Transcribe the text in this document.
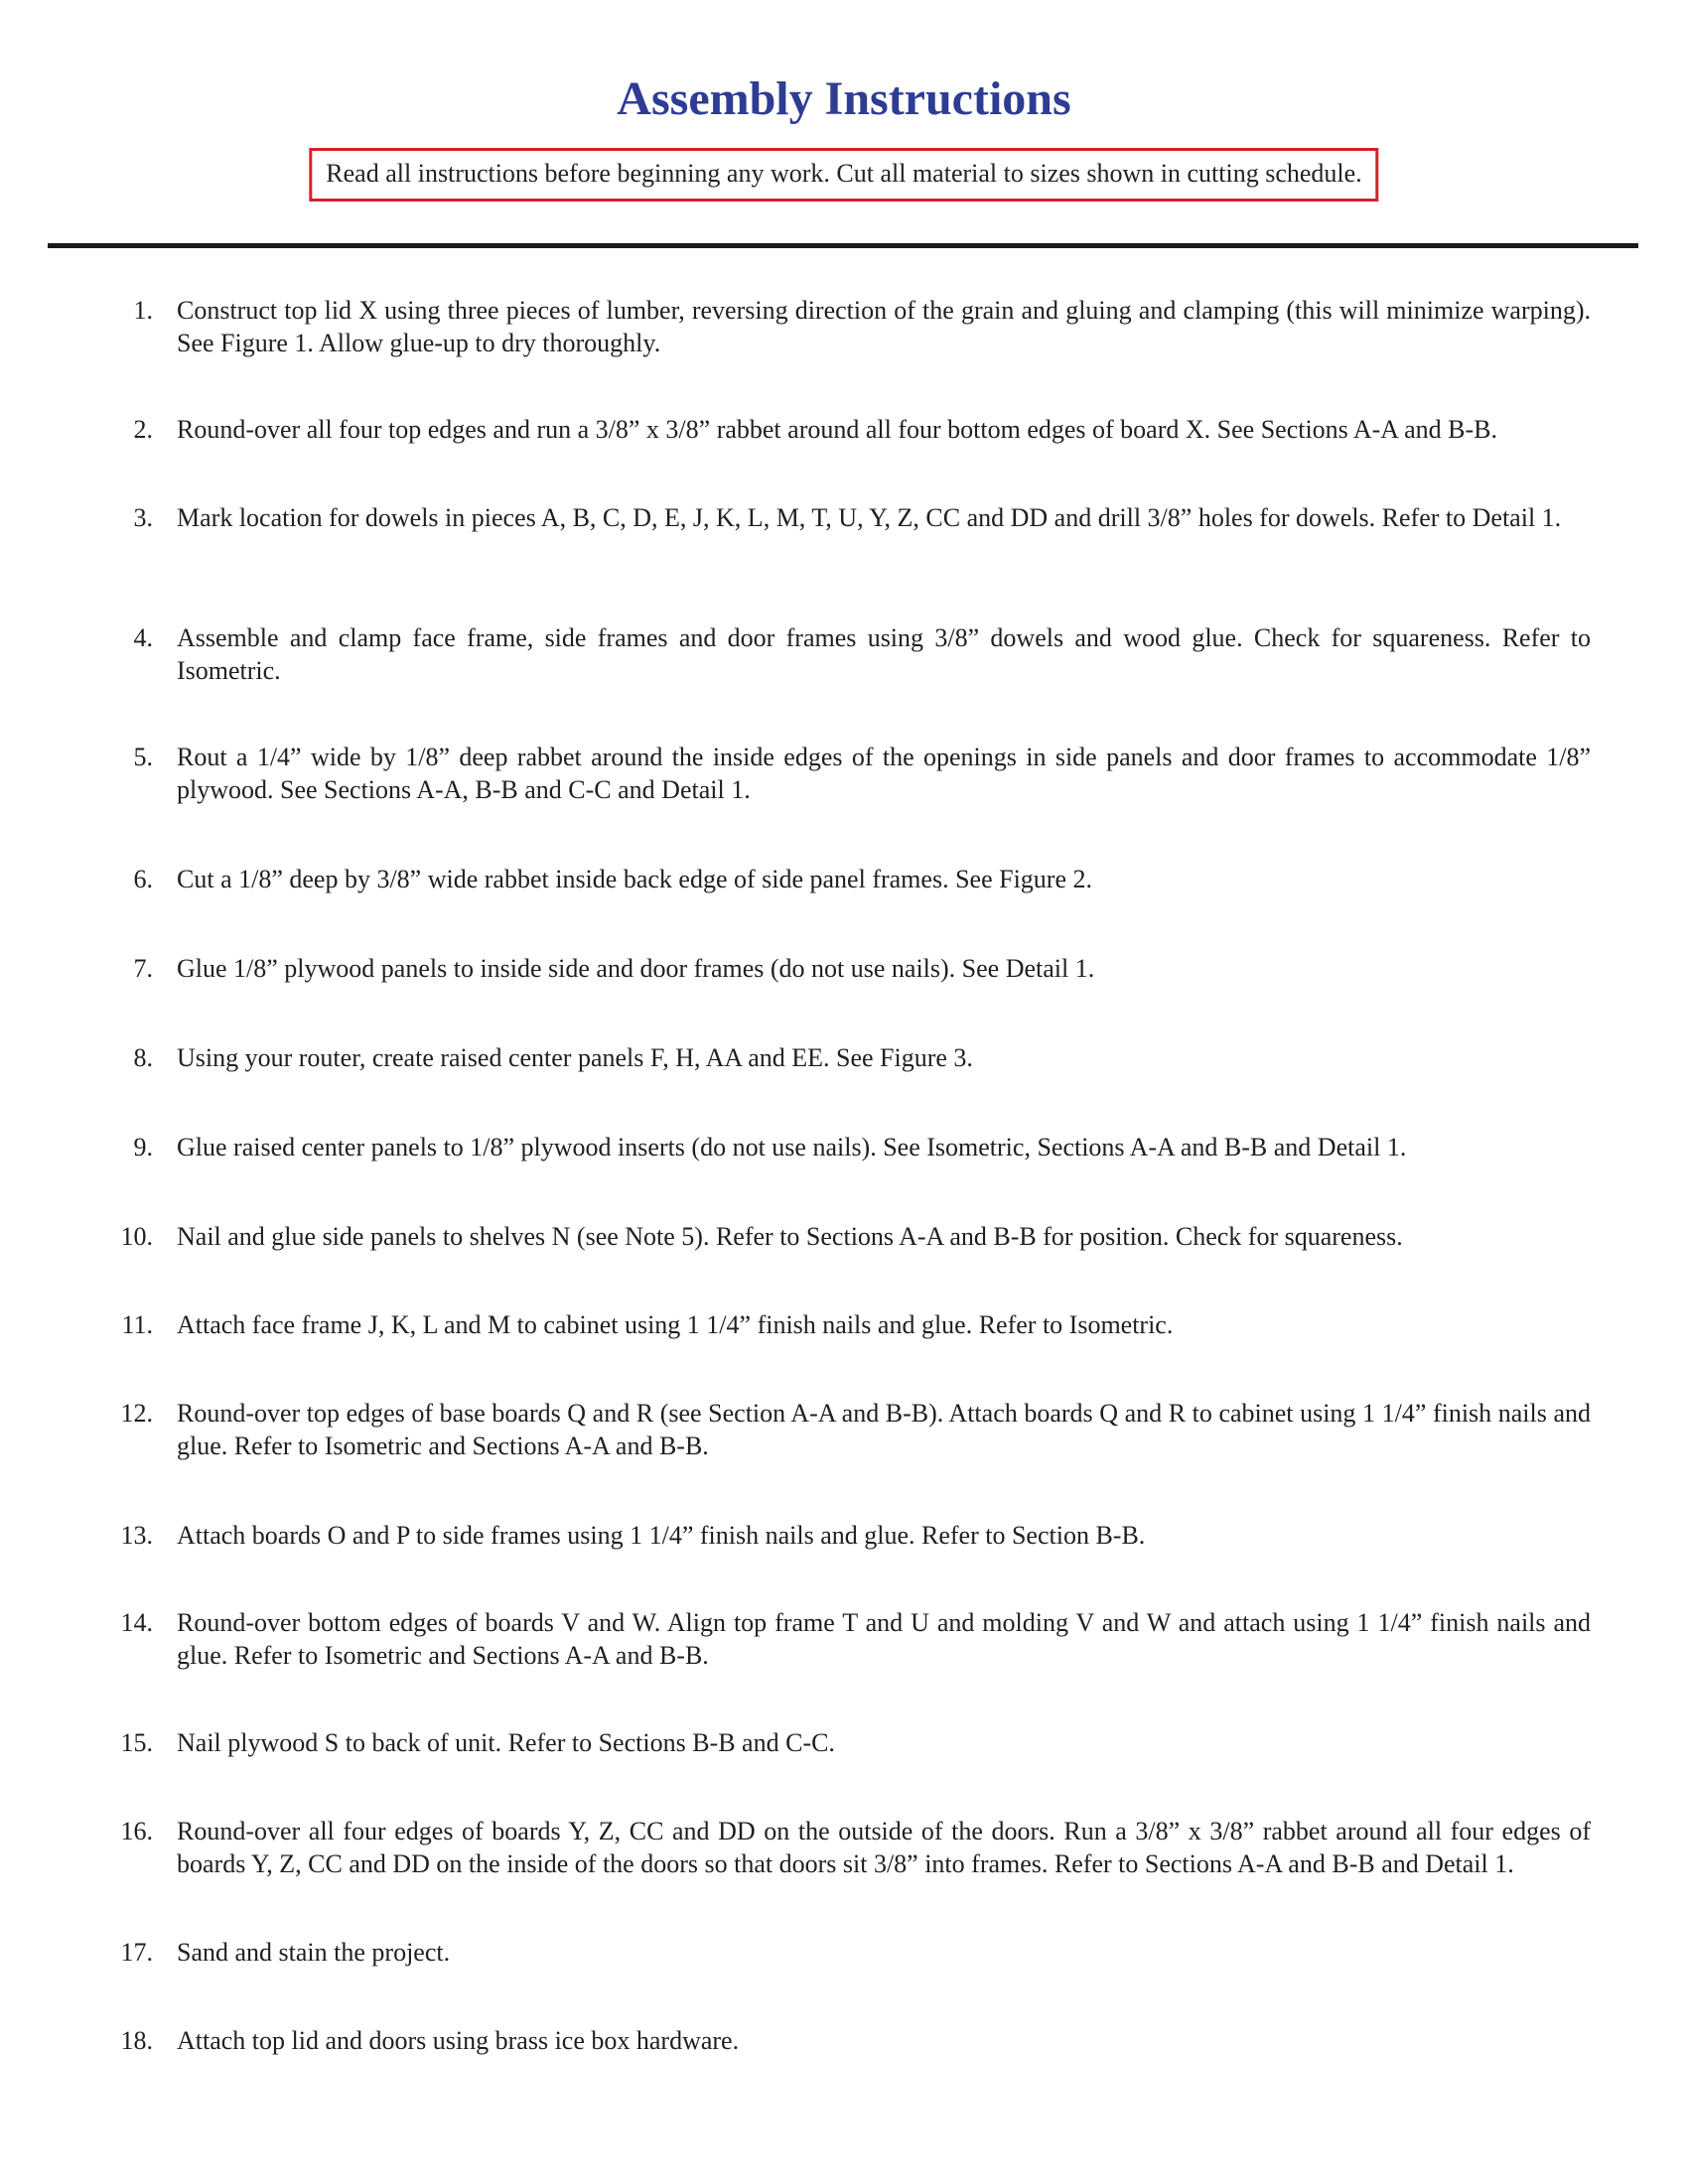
Assembly Instructions
Read all instructions before beginning any work. Cut all material to sizes shown in cutting schedule.
1. Construct top lid X using three pieces of lumber, reversing direction of the grain and gluing and clamping (this will minimize warping). See Figure 1. Allow glue-up to dry thoroughly.
2. Round-over all four top edges and run a 3/8” x 3/8” rabbet around all four bottom edges of board X. See Sections A-A and B-B.
3. Mark location for dowels in pieces A, B, C, D, E, J, K, L, M, T, U, Y, Z, CC and DD and drill 3/8” holes for dowels. Refer to Detail 1.
4. Assemble and clamp face frame, side frames and door frames using 3/8” dowels and wood glue. Check for squareness. Refer to Isometric.
5. Rout a 1/4” wide by 1/8” deep rabbet around the inside edges of the openings in side panels and door frames to accommodate 1/8” plywood. See Sections A-A, B-B and C-C and Detail 1.
6. Cut a 1/8” deep by 3/8” wide rabbet inside back edge of side panel frames. See Figure 2.
7. Glue 1/8” plywood panels to inside side and door frames (do not use nails). See Detail 1.
8. Using your router, create raised center panels F, H, AA and EE. See Figure 3.
9. Glue raised center panels to 1/8” plywood inserts (do not use nails). See Isometric, Sections A-A and B-B and Detail 1.
10. Nail and glue side panels to shelves N (see Note 5). Refer to Sections A-A and B-B for position. Check for squareness.
11. Attach face frame J, K, L and M to cabinet using 1 1/4” finish nails and glue. Refer to Isometric.
12. Round-over top edges of base boards Q and R (see Section A-A and B-B). Attach boards Q and R to cabinet using 1 1/4” finish nails and glue. Refer to Isometric and Sections A-A and B-B.
13. Attach boards O and P to side frames using 1 1/4” finish nails and glue. Refer to Section B-B.
14. Round-over bottom edges of boards V and W. Align top frame T and U and molding V and W and attach using 1 1/4” finish nails and glue. Refer to Isometric and Sections A-A and B-B.
15. Nail plywood S to back of unit. Refer to Sections B-B and C-C.
16. Round-over all four edges of boards Y, Z, CC and DD on the outside of the doors. Run a 3/8” x 3/8” rabbet around all four edges of boards Y, Z, CC and DD on the inside of the doors so that doors sit 3/8” into frames. Refer to Sections A-A and B-B and Detail 1.
17. Sand and stain the project.
18. Attach top lid and doors using brass ice box hardware.
